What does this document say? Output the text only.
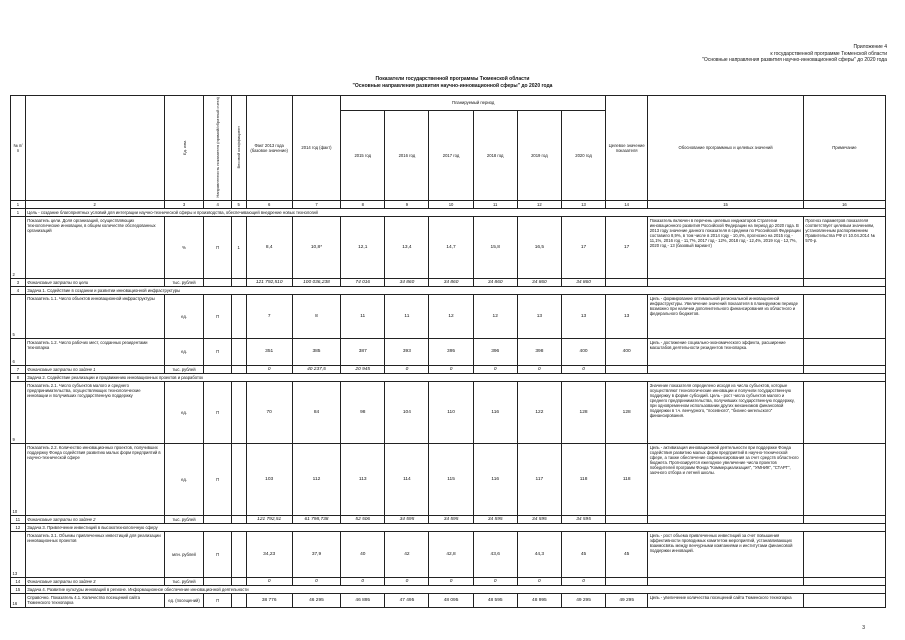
Приложение 4
к государственной программе Тюменской области
"Основные направления развития научно-инновационной сферы" до 2020 года
Показатели государственной программы Тюменской области
"Основные направления развития научно-инновационной сферы" до 2020 года
№ п/п		Ед. изм.	Направленность показателя (прямой/обратный счета)	Весовой коэффициент	Факт 2013 года (базовое значение)	2014 год (факт)	Планируемый период						Целевое значение показателя	Обоснование программных и целевых значений	Примечание
							2015 год	2016 год	2017 год	2018 год	2019 год	2020 год			
1	2	3	4	5	6	7	8	9	10	11	12	13	14	15	16
1	Цель - создание благоприятных условий для интеграции научно-технической сферы и производства, обеспечивающей внедрение новых технологий														
2	Показатель цели. Доля организаций, осуществляющих технологические инновации, в общем количестве обследованных организаций	%	П	1	8,4	10,8*	12,1	13,4	14,7	15,8	16,5	17	17	Показатель включен в перечень целевых индикаторов Стратегии инновационного развития Российской Федерации на период до 2020 года. В 2013 году значение данного показателя в среднем по Российской Федерации составило 8,9%, в том числе в 2014 году - 10,4%, прогнозно на 2015 год - 11,1%, 2016 год - 11,7%, 2017 год - 12%, 2018 год - 12,4%, 2019 год - 12,7%, 2020 год - 13 (базовый вариант)	Прогноз параметров показателя соответствует целевым значениям, установленным распоряжением Правительства РФ от 10.04.2014 № 570-р.
3	Финансовые затраты по цели	тыс. рублей			121 792,510	100 036,238	74 016	34 860	34 860	34 860	34 860	34 860			
4	Задача 1. Содействие в создании и развитии инновационной инфраструктуры														
5	Показатель 1.1. Число объектов инновационной инфраструктуры	ед.	П		7	8	11	11	12	12	13	13	13	Цель - формирование оптимальной региональной инновационной инфраструктуры. Увеличение значений показателя в планируемом периоде возможно при наличии дополнительного финансирования из областного и федерального бюджетов.	
6	Показатель 1.2. Число рабочих мест, созданных резидентами технопарка	ед.	П		351	385	387	393	395	396	398	400	400	Цель - достижение социально-экономического эффекта, расширение масштабов деятельности резидентов технопарка.	
7	Финансовые затраты по задаче 1	тыс. рублей			0	40 237,5	20 945	0	0	0	0	0			
8	Задача 2. Содействие реализации и продвижению инновационных проектов и разработок														
9	Показатель 2.1. Число субъектов малого и среднего предпринимательства, осуществляющих технологические инновации и получивших государственную поддержку	ед.	П		70	84	98	104	110	116	122	128	128	Значение показателя определено исходя из числа субъектов, которые осуществляют технологические инновации и получили государственную поддержку в форме субсидий. Цель - рост числа субъектов малого и среднего предпринимательства, получивших государственную поддержку, при одновременном использовании других механизмов финансовой поддержки в т.ч. венчурного, "посевного", "бизнес-ангельского" финансирования.	
10	Показатель 2.2. Количество инновационных проектов, получивших поддержку Фонда содействия развитию малых форм предприятий в научно-технической сфере	ед.	П		103	112	113	114	115	116	117	118	118	Цель - активизация инновационной деятельности при поддержке Фонда содействия развитию малых форм предприятий в научно-технической сфере, а также обеспечение софинансирования за счет средств областного бюджета. Прогнозируется ежегодное увеличение числа проектов победителей программ Фонда "Коммерциализация", "УМНИК", "СТАРТ", заочного отбора и летней школы.	
11	Финансовые затраты по задаче 2	тыс. рублей			121 792,51	61 798,738	52 506	34 595	34 595	34 595	34 595	34 595			
12	Задача 3. Привлечение инвестиций в высокотехнологичную сферу														
13	Показатель 3.1. Объемы привлеченных инвестиций для реализации инновационных проектов	млн. рублей	П		34,23	37,9	40	42	42,8	43,6	44,3	45	45	Цель - рост объема привлеченных инвестиций за счет повышения эффективности проводимых комитетом мероприятий, устанавливающих взаимосвязь между венчурными компаниями и институтами финансовой поддержки инноваций.	
14	Финансовые затраты по задаче 3	тыс. рублей			0	0	0	0	0	0	0	0			
15	Задача 4. Развитие культуры инноваций в регионе. Информационное обеспечение инновационной деятельности														
16	Справочно. Показатель 4.1. Количество посещений сайта Тюменского технопарка	ед. (посещений)	П		38 776	46 295	46 895	47 495	48 095	48 595	48 995	49 295	49 295	Цель - увеличение количества посещений сайта Тюменского технопарка	
3
